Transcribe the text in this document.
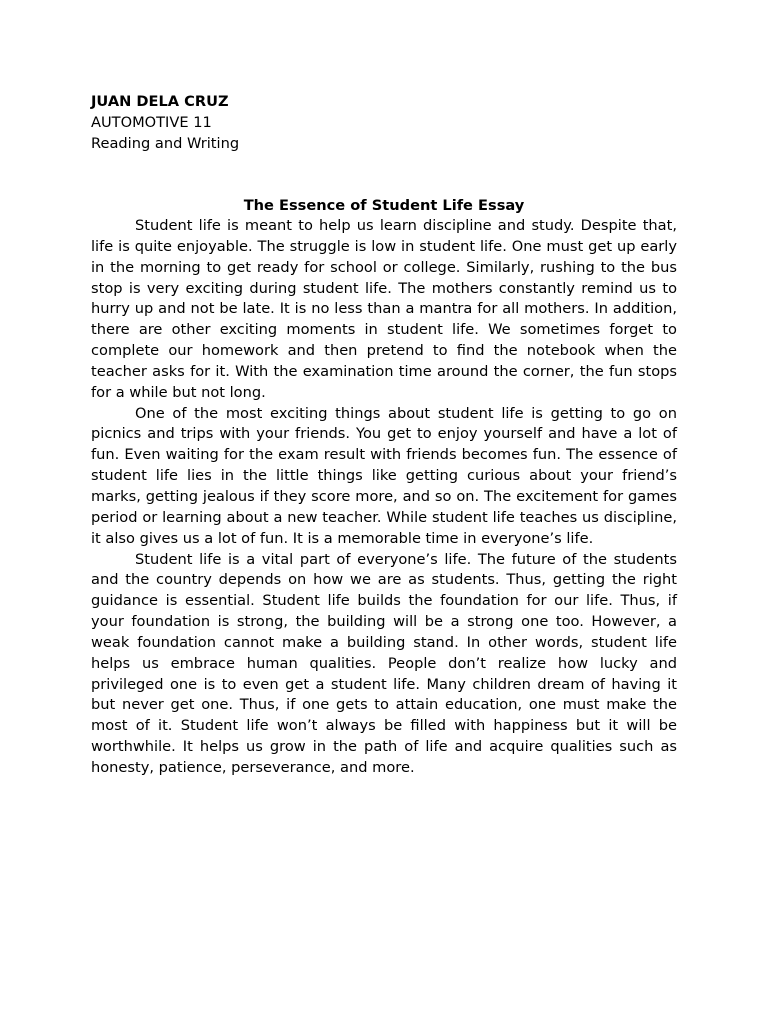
JUAN DELA CRUZ

AUTOMOTIVE 11

Reading and Writing

The Essence of Student Life Essay

Student life is meant to help us learn discipline and study. Despite that, life is quite enjoyable. The struggle is low in student life. One must get up early in the morning to get ready for school or college. Similarly, rushing to the bus stop is very exciting during student life. The mothers constantly remind us to hurry up and not be late. It is no less than a mantra for all mothers. In addition, there are other exciting moments in student life. We sometimes forget to complete our homework and then pretend to find the notebook when the teacher asks for it. With the examination time around the corner, the fun stops for a while but not long.

One of the most exciting things about student life is getting to go on picnics and trips with your friends. You get to enjoy yourself and have a lot of fun. Even waiting for the exam result with friends becomes fun. The essence of student life lies in the little things like getting curious about your friend’s marks, getting jealous if they score more, and so on. The excitement for games period or learning about a new teacher. While student life teaches us discipline, it also gives us a lot of fun. It is a memorable time in everyone’s life.

Student life is a vital part of everyone’s life. The future of the students and the country depends on how we are as students. Thus, getting the right guidance is essential. Student life builds the foundation for our life. Thus, if your foundation is strong, the building will be a strong one too. However, a weak foundation cannot make a building stand. In other words, student life helps us embrace human qualities. People don’t realize how lucky and privileged one is to even get a student life. Many children dream of having it but never get one. Thus, if one gets to attain education, one must make the most of it. Student life won’t always be filled with happiness but it will be worthwhile. It helps us grow in the path of life and acquire qualities such as honesty, patience, perseverance, and more.
